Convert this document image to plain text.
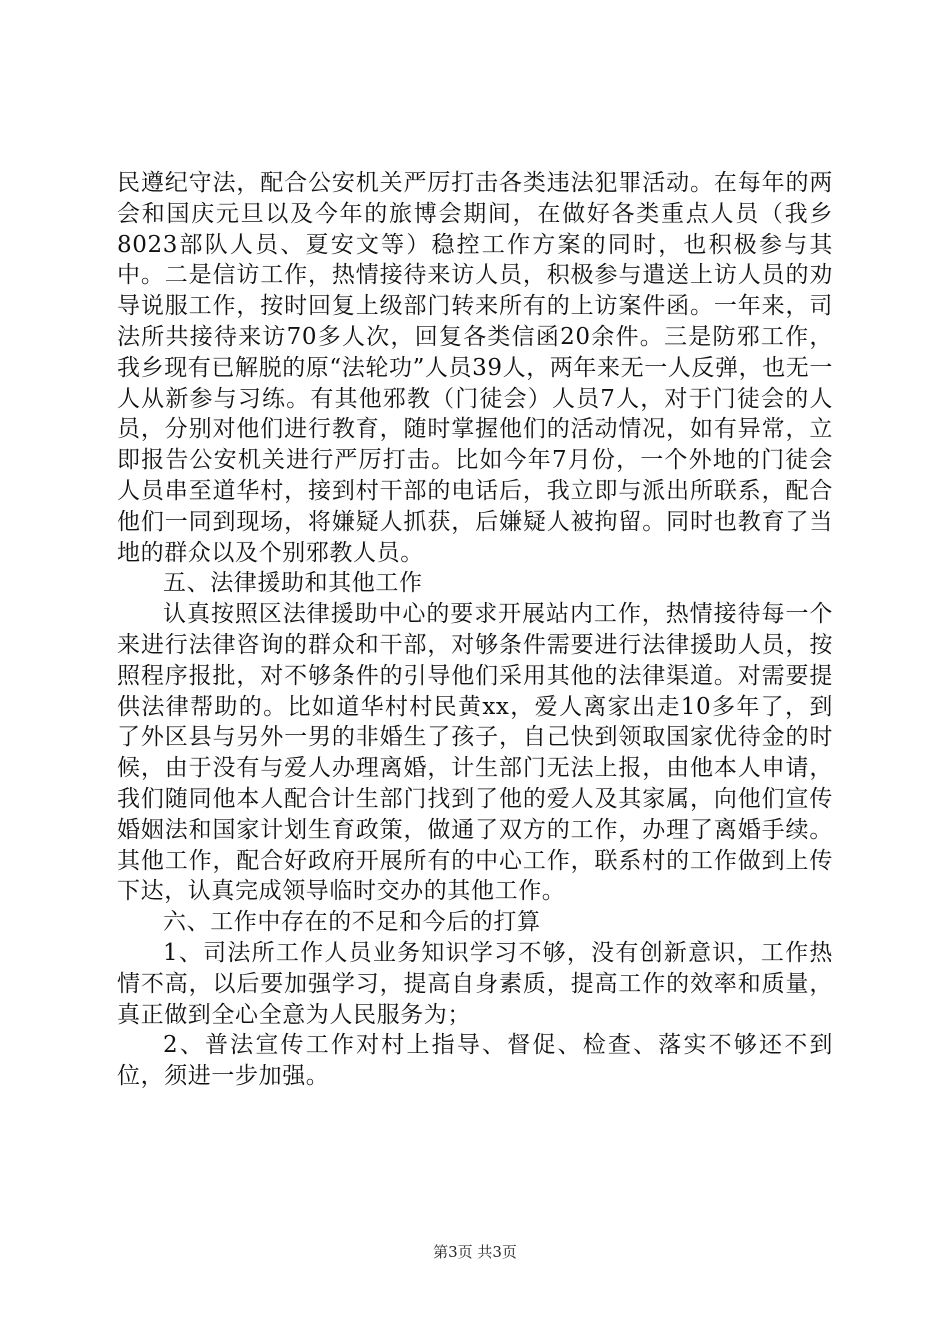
民遵纪守法，配合公安机关严厉打击各类违法犯罪活动。在每年的两会和国庆元旦以及今年的旅博会期间，在做好各类重点人员（我乡8023部队人员、夏安文等）稳控工作方案的同时，也积极参与其中。二是信访工作，热情接待来访人员，积极参与遣送上访人员的劝导说服工作，按时回复上级部门转来所有的上访案件函。一年来，司法所共接待来访70多人次，回复各类信函20余件。三是防邪工作，我乡现有已解脱的原“法轮功”人员39人，两年来无一人反弹，也无一人从新参与习练。有其他邪教（门徒会）人员7人，对于门徒会的人员，分别对他们进行教育，随时掌握他们的活动情况，如有异常，立即报告公安机关进行严厉打击。比如今年7月份，一个外地的门徒会人员串至道华村，接到村干部的电话后，我立即与派出所联系，配合他们一同到现场，将嫌疑人抓获，后嫌疑人被拘留。同时也教育了当地的群众以及个别邪教人员。

五、法律援助和其他工作

认真按照区法律援助中心的要求开展站内工作，热情接待每一个来进行法律咨询的群众和干部，对够条件需要进行法律援助人员，按照程序报批，对不够条件的引导他们采用其他的法律渠道。对需要提供法律帮助的。比如道华村村民黄xx，爱人离家出走10多年了，到了外区县与另外一男的非婚生了孩子，自己快到领取国家优待金的时候，由于没有与爱人办理离婚，计生部门无法上报，由他本人申请，我们随同他本人配合计生部门找到了他的爱人及其家属，向他们宣传婚姻法和国家计划生育政策，做通了双方的工作，办理了离婚手续。其他工作，配合好政府开展所有的中心工作，联系村的工作做到上传下达，认真完成领导临时交办的其他工作。

六、工作中存在的不足和今后的打算

1、司法所工作人员业务知识学习不够，没有创新意识，工作热情不高，以后要加强学习，提高自身素质，提高工作的效率和质量，真正做到全心全意为人民服务为；

2、普法宣传工作对村上指导、督促、检查、落实不够还不到位，须进一步加强。

第3页 共3页
